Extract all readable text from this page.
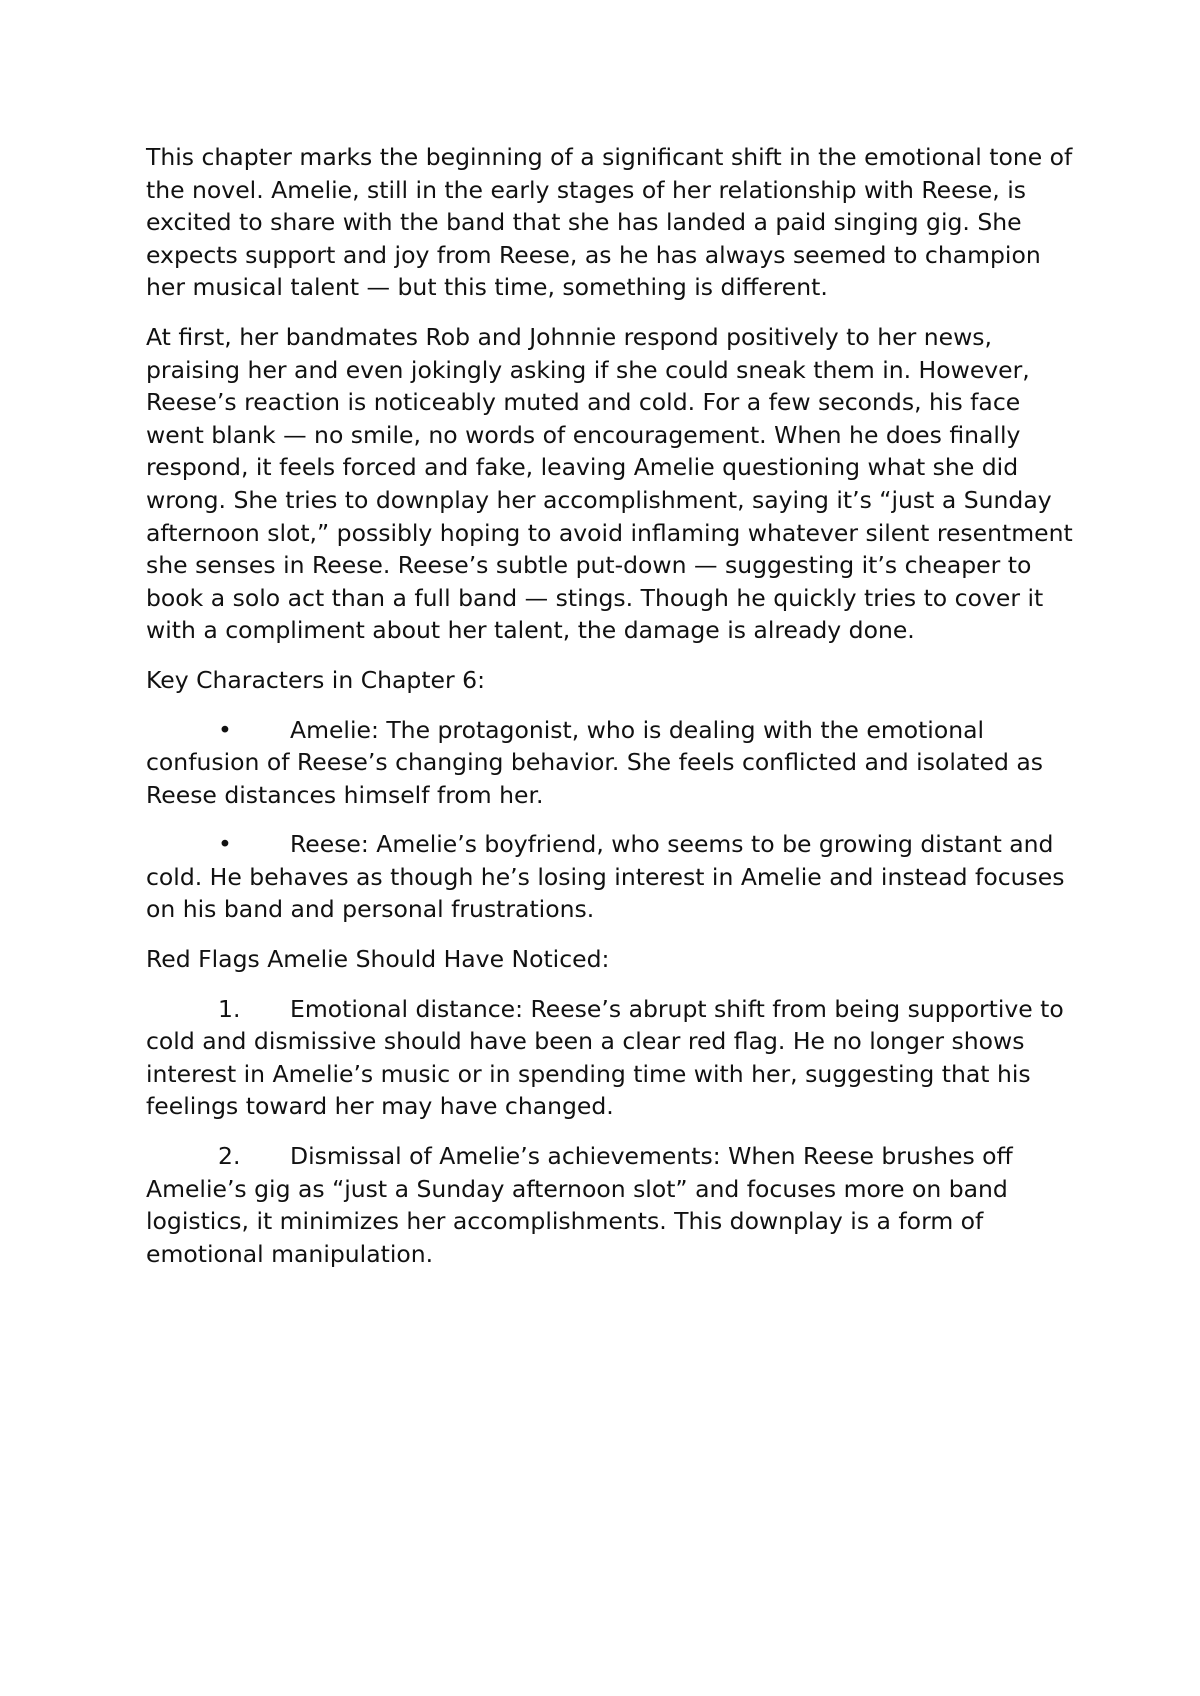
This chapter marks the beginning of a significant shift in the emotional tone of the novel. Amelie, still in the early stages of her relationship with Reese, is excited to share with the band that she has landed a paid singing gig. She expects support and joy from Reese, as he has always seemed to champion her musical talent — but this time, something is different.

At first, her bandmates Rob and Johnnie respond positively to her news, praising her and even jokingly asking if she could sneak them in. However, Reese’s reaction is noticeably muted and cold. For a few seconds, his face went blank — no smile, no words of encouragement. When he does finally respond, it feels forced and fake, leaving Amelie questioning what she did wrong. She tries to downplay her accomplishment, saying it’s “just a Sunday afternoon slot,” possibly hoping to avoid inflaming whatever silent resentment she senses in Reese. Reese’s subtle put-down — suggesting it’s cheaper to book a solo act than a full band — stings. Though he quickly tries to cover it with a compliment about her talent, the damage is already done.

Key Characters in Chapter 6:

• Amelie: The protagonist, who is dealing with the emotional confusion of Reese’s changing behavior. She feels conflicted and isolated as Reese distances himself from her.

• Reese: Amelie’s boyfriend, who seems to be growing distant and cold. He behaves as though he’s losing interest in Amelie and instead focuses on his band and personal frustrations.

Red Flags Amelie Should Have Noticed:

1. Emotional distance: Reese’s abrupt shift from being supportive to cold and dismissive should have been a clear red flag. He no longer shows interest in Amelie’s music or in spending time with her, suggesting that his feelings toward her may have changed.

2. Dismissal of Amelie’s achievements: When Reese brushes off Amelie’s gig as “just a Sunday afternoon slot” and focuses more on band logistics, it minimizes her accomplishments. This downplay is a form of emotional manipulation.
